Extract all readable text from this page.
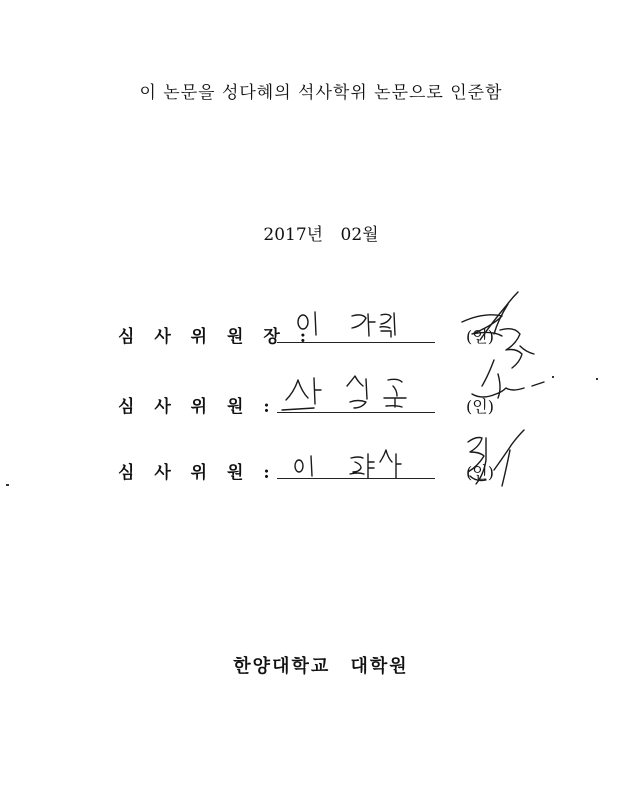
이 논문을 성다혜의 석사학위 논문으로 인준함
2017년 02월
심 사 위 원 장 :	(인)
심 사 위 원 :	(인)
심 사 위 원 :	(인)
한양대학교 대학원
